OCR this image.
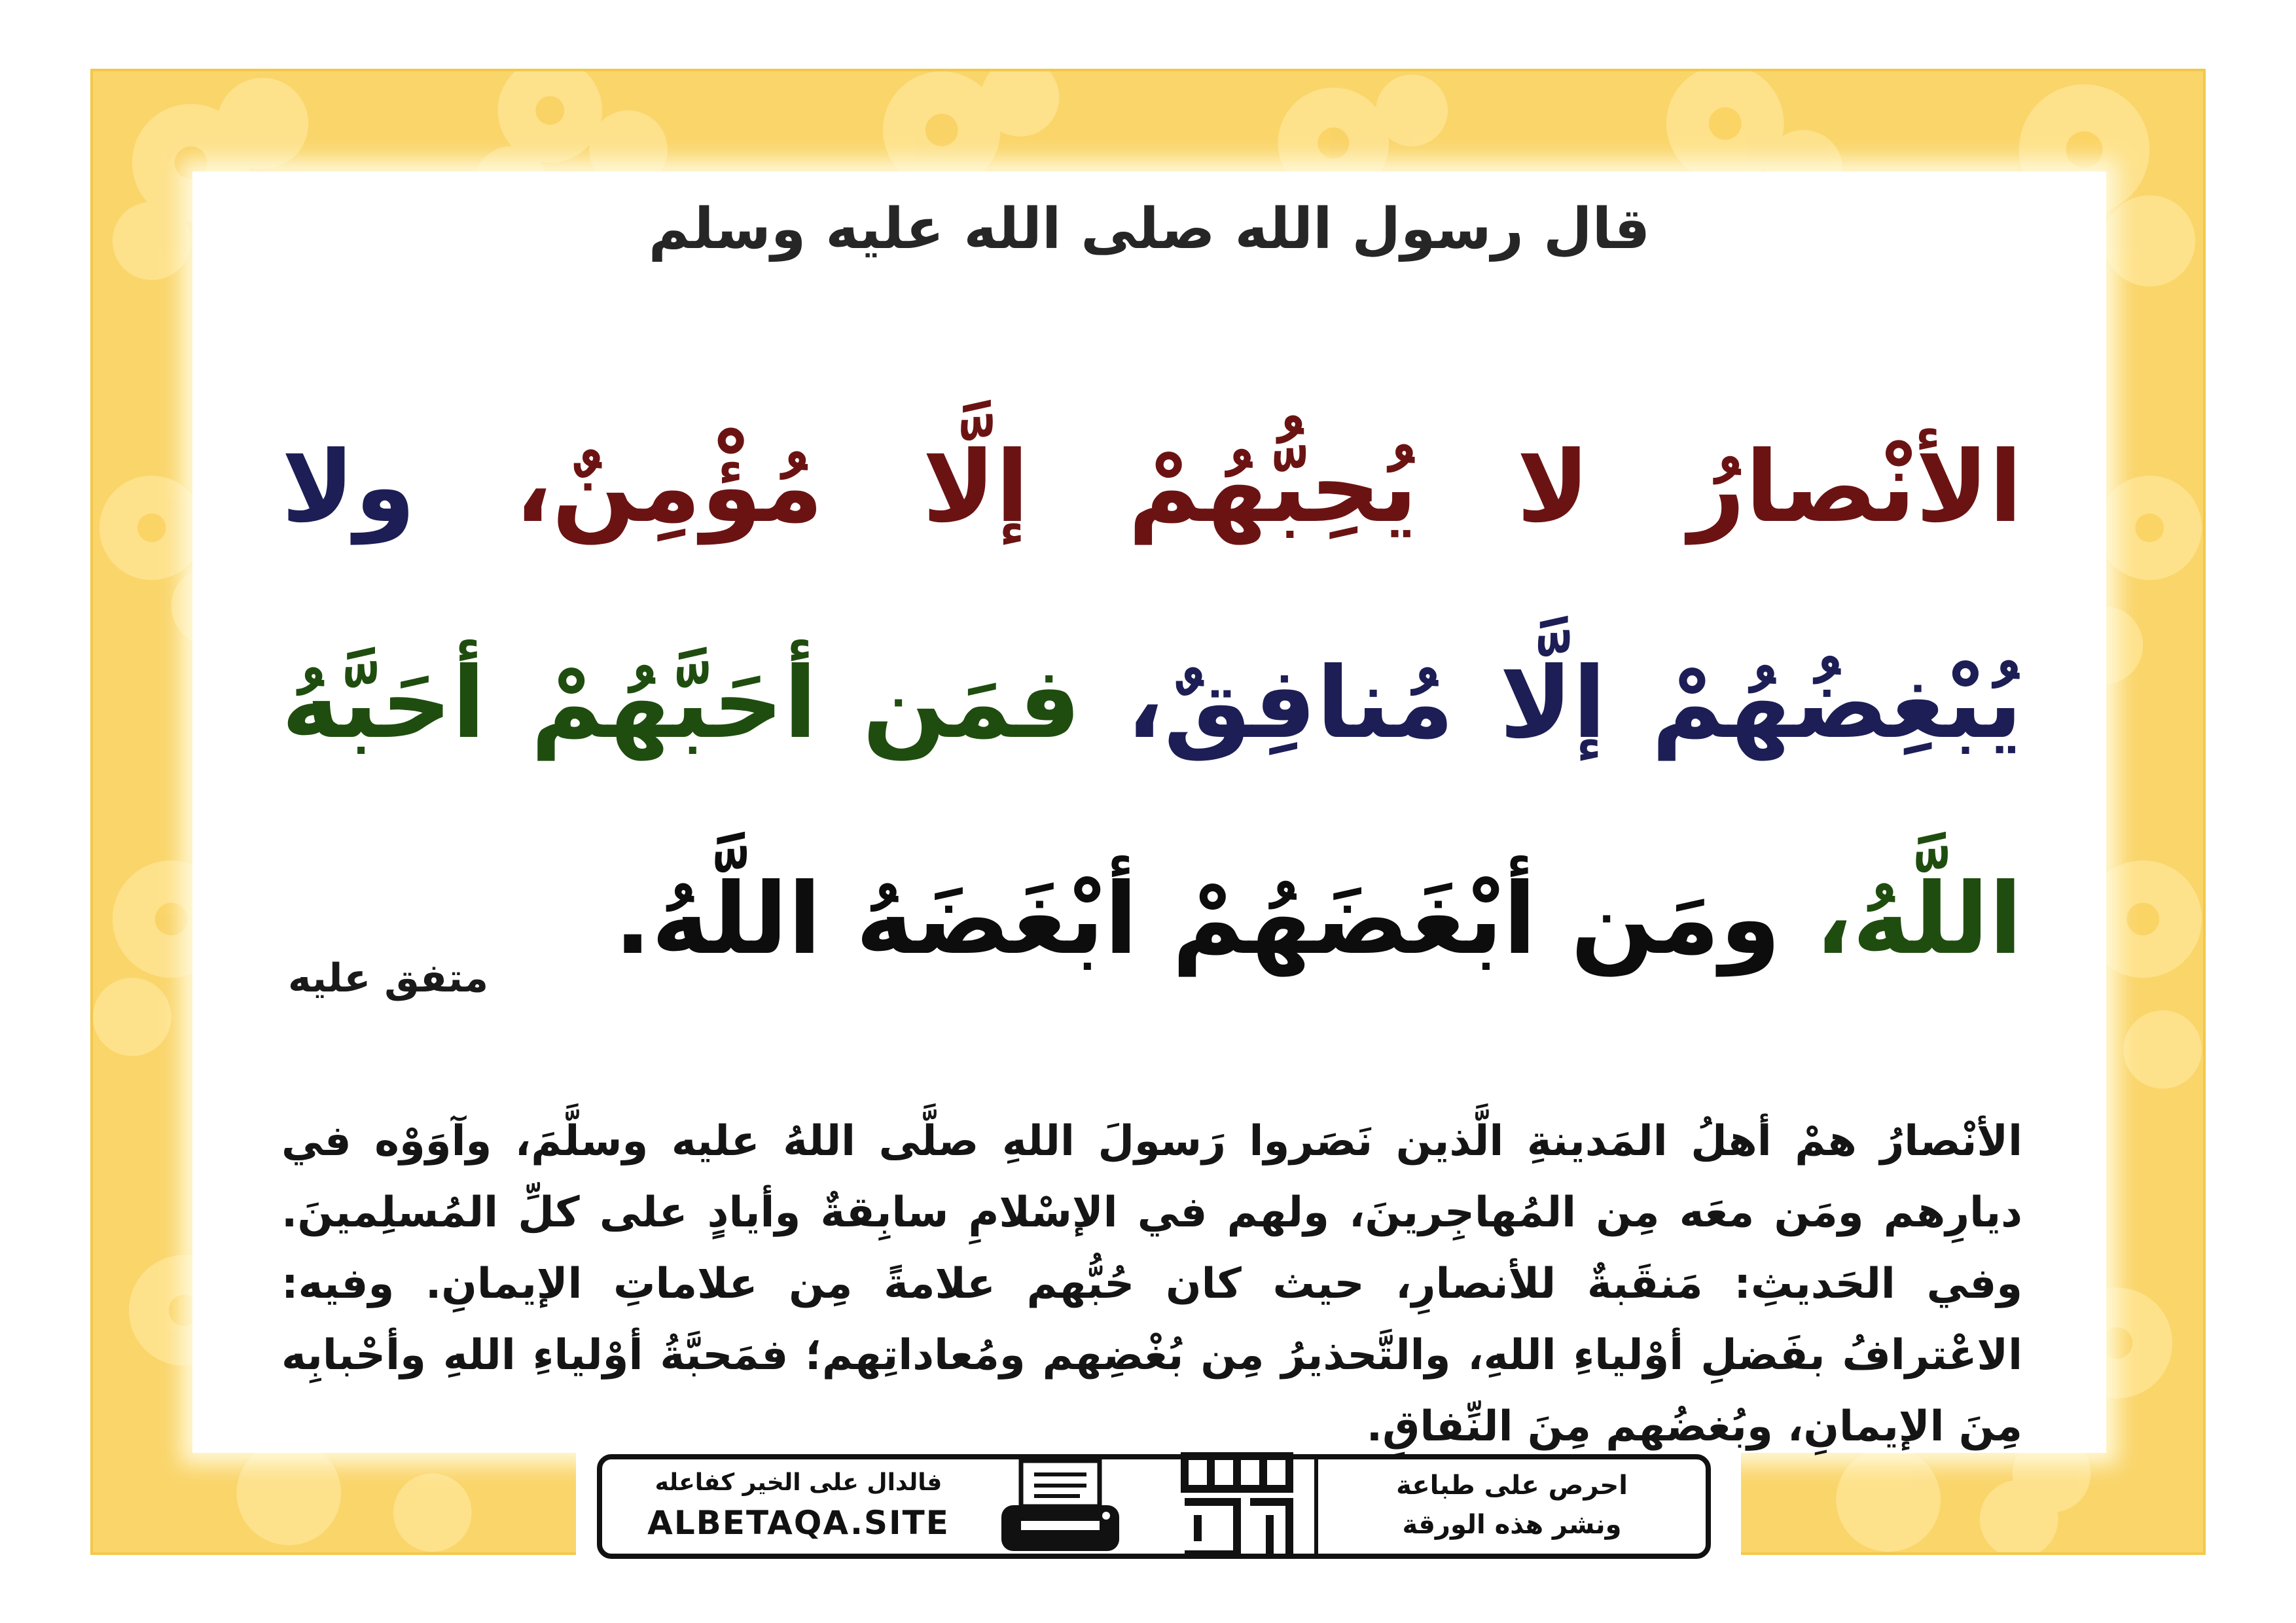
قال رسول الله صلى الله عليه وسلم
الأنْصارُ لا يُحِبُّهُمْ إلَّا مُؤْمِنٌ، ولا يُبْغِضُهُمْ إلَّا مُنافِقٌ، فمَن أحَبَّهُمْ أحَبَّهُ اللَّهُ، ومَن أبْغَضَهُمْ أبْغَضَهُ اللَّهُ.
متفق عليه
الأنْصارُ همْ أهلُ المَدينةِ الَّذين نَصَروا رَسولَ اللهِ صلَّى اللهُ عليه وسلَّمَ، وآوَوْه في ديارِهم ومَن معَه مِن المُهاجِرينَ، ولهم في الإسْلامِ سابِقةٌ وأيادٍ على كلِّ المُسلِمينَ. وفي الحَديثِ: مَنقَبةٌ للأنصارِ، حيث كان حُبُّهم علامةً مِن علاماتِ الإيمانِ. وفيه: الاعْترافُ بفَضلِ أوْلياءِ اللهِ، والتَّحذيرُ مِن بُغْضِهم ومُعاداتِهم؛ فمَحبَّةُ أوْلياءِ اللهِ وأحْبابِه مِنَ الإيمانِ، وبُغضُهم مِنَ النِّفاقِ.
فالدال على الخير كفاعله
ALBETAQA.SITE
احرص على طباعة
ونشر هذه الورقة
